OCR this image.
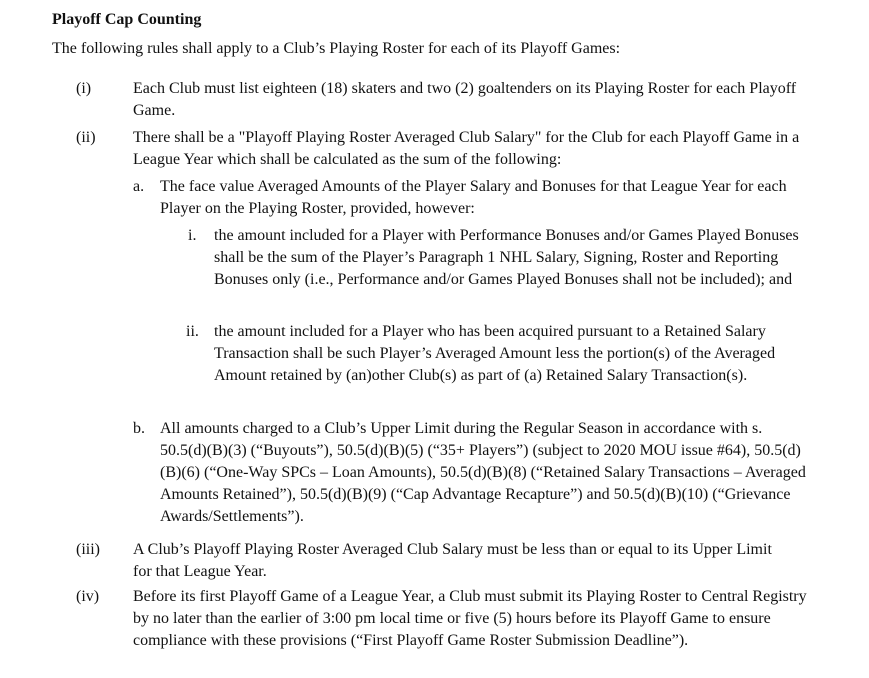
Playoff Cap Counting
The following rules shall apply to a Club’s Playing Roster for each of its Playoff Games:
(i)	Each Club must list eighteen (18) skaters and two (2) goaltenders on its Playing Roster for each Playoff Game.
(ii)	There shall be a "Playoff Playing Roster Averaged Club Salary" for the Club for each Playoff Game in a League Year which shall be calculated as the sum of the following:
a. The face value Averaged Amounts of the Player Salary and Bonuses for that League Year for each Player on the Playing Roster, provided, however:
i.	the amount included for a Player with Performance Bonuses and/or Games Played Bonuses shall be the sum of the Player’s Paragraph 1 NHL Salary, Signing, Roster and Reporting Bonuses only (i.e., Performance and/or Games Played Bonuses shall not be included); and
ii. the amount included for a Player who has been acquired pursuant to a Retained Salary Transaction shall be such Player’s Averaged Amount less the portion(s) of the Averaged Amount retained by (an)other Club(s) as part of (a) Retained Salary Transaction(s).
b. All amounts charged to a Club’s Upper Limit during the Regular Season in accordance with s. 50.5(d)(B)(3) (“Buyouts”), 50.5(d)(B)(5) (“35+ Players”) (subject to 2020 MOU issue #64), 50.5(d)(B)(6) (“One-Way SPCs – Loan Amounts), 50.5(d)(B)(8) (“Retained Salary Transactions – Averaged Amounts Retained”), 50.5(d)(B)(9) (“Cap Advantage Recapture”) and 50.5(d)(B)(10) (“Grievance Awards/Settlements”).
(iii)	A Club’s Playoff Playing Roster Averaged Club Salary must be less than or equal to its Upper Limit for that League Year.
(iv)	Before its first Playoff Game of a League Year, a Club must submit its Playing Roster to Central Registry by no later than the earlier of 3:00 pm local time or five (5) hours before its Playoff Game to ensure compliance with these provisions (“First Playoff Game Roster Submission Deadline”).
